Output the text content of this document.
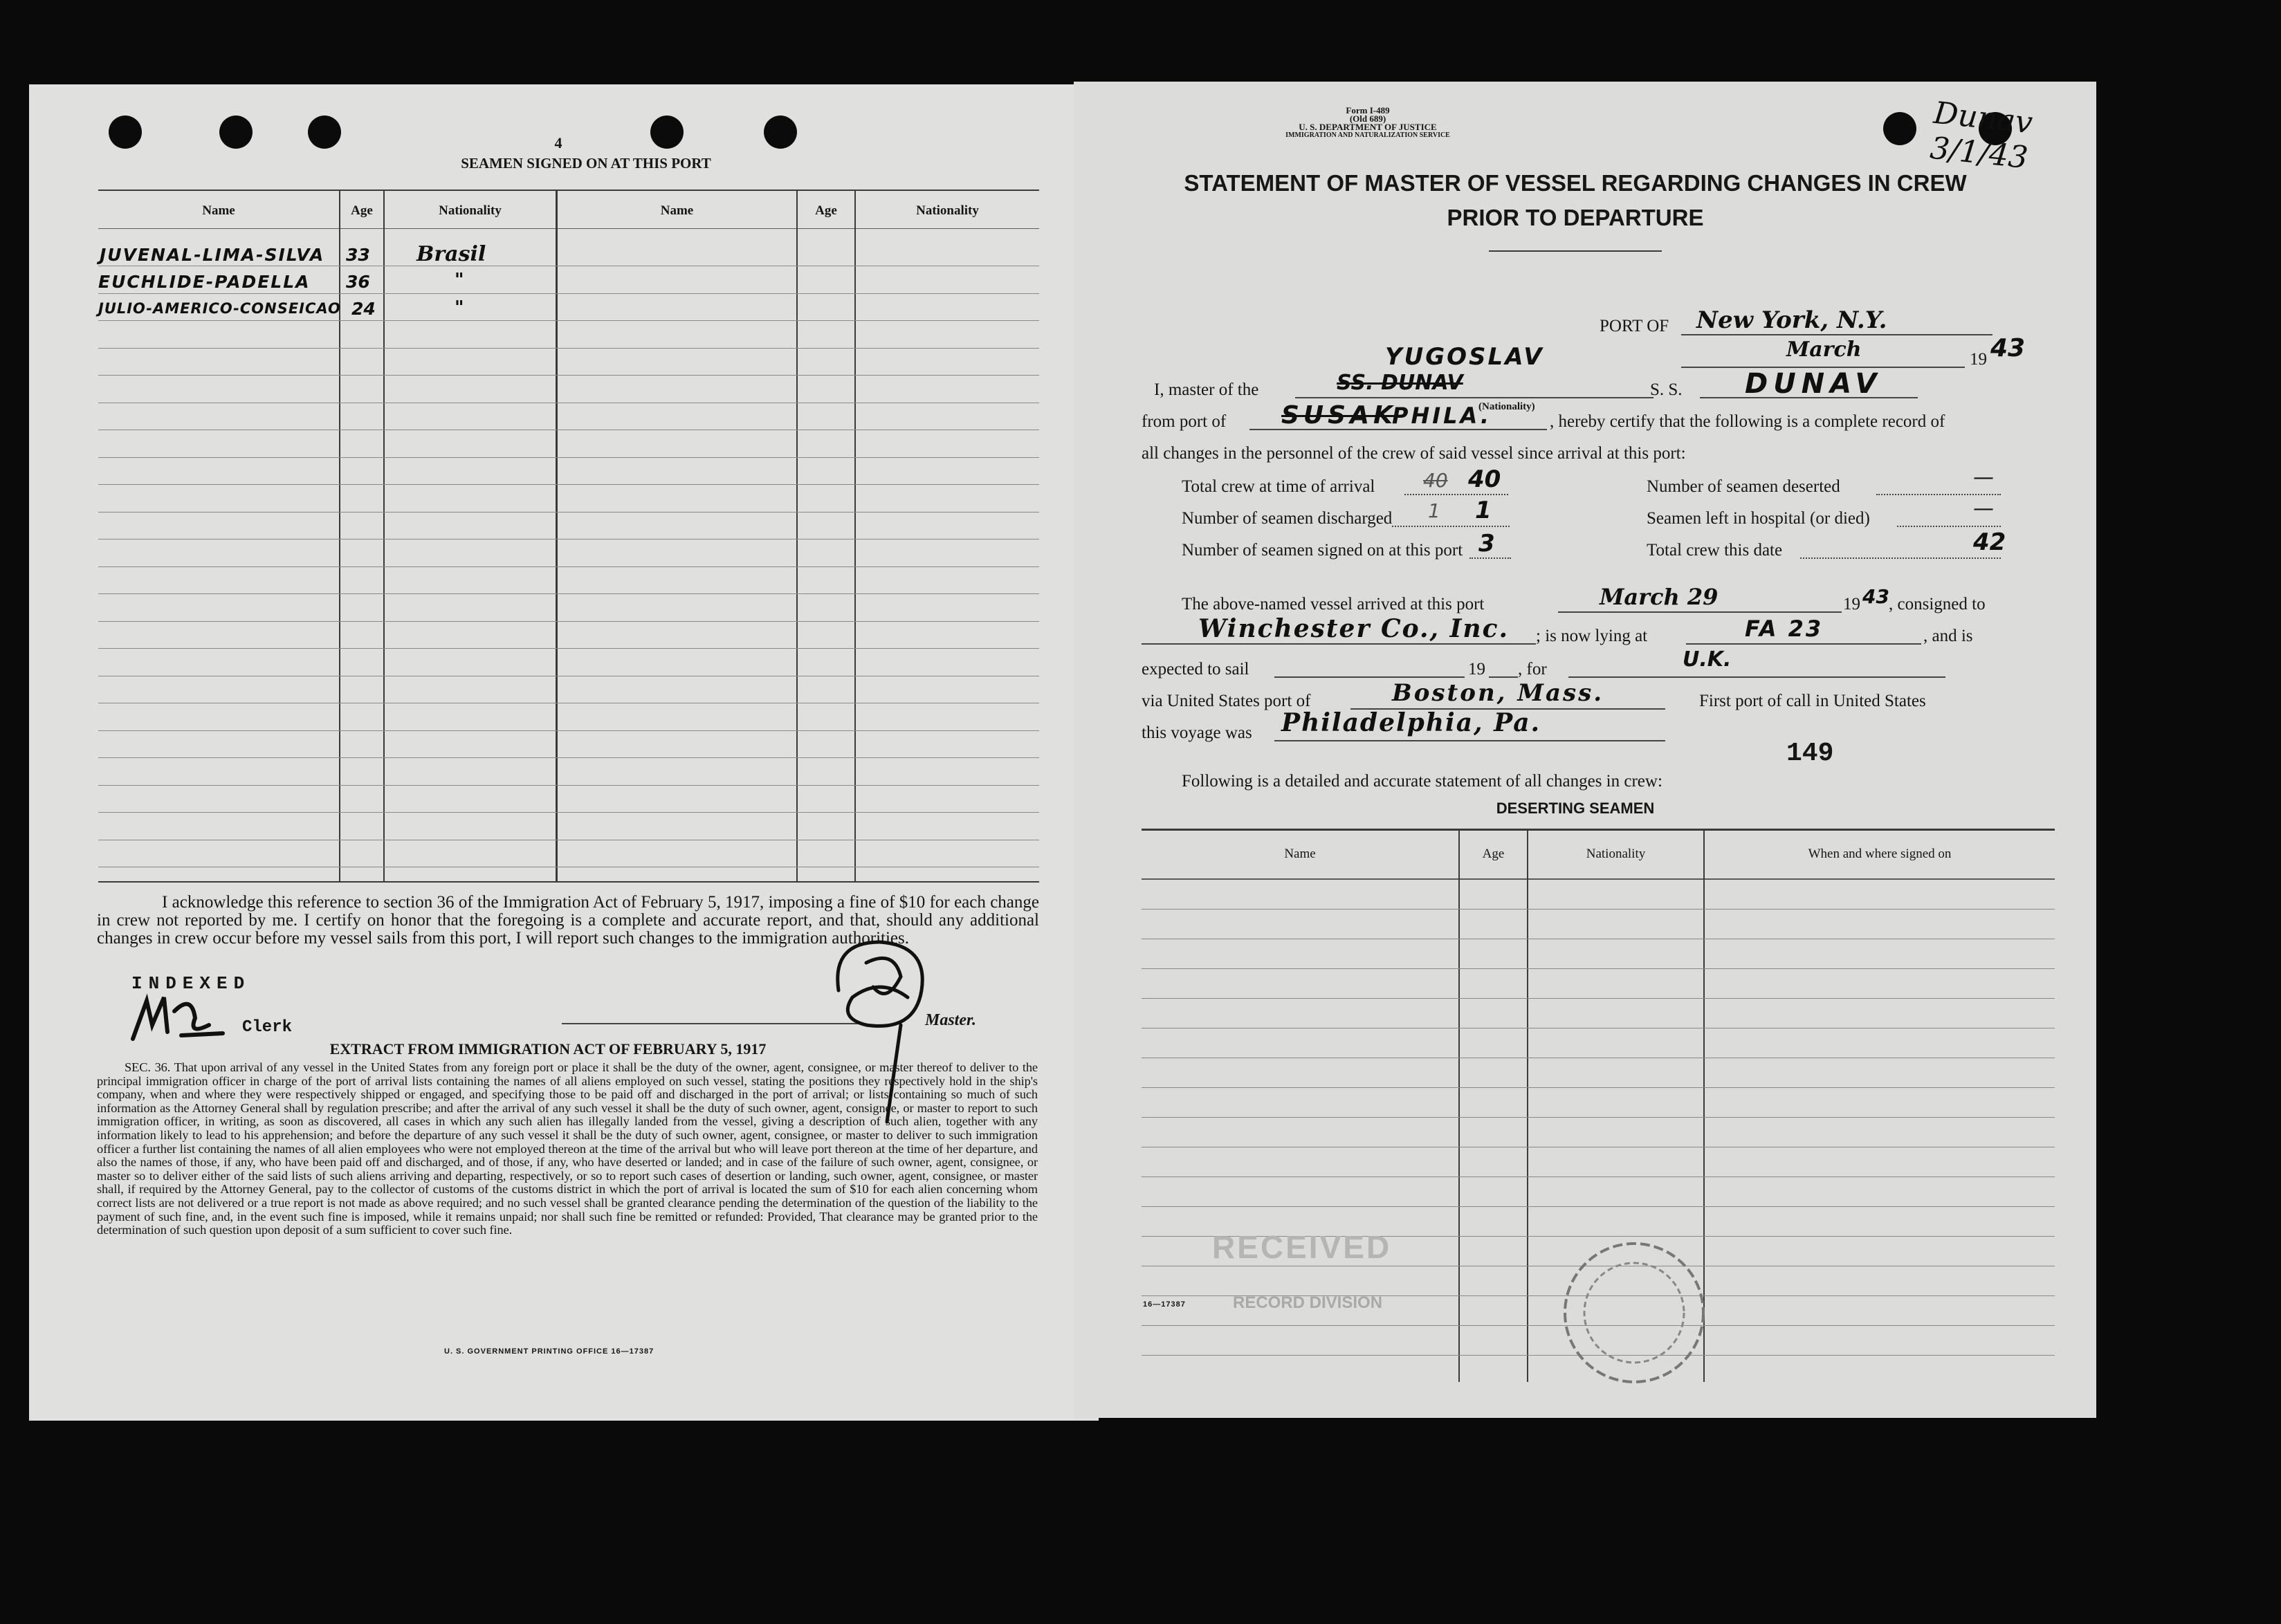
4
SEAMEN SIGNED ON AT THIS PORT
Name	Age	Nationality	Name	Age	Nationality
JUVENAL-LIMA-SILVA 33 Brasil
EUCHLIDE-PADELLA 36	"
JULIO-AMERICO-CONSEICAO 24	"
I acknowledge this reference to section 36 of the Immigration Act of February 5, 1917, imposing a fine of $10 for each change in crew not reported by me. I certify on honor that the foregoing is a complete and accurate report, and that, should any additional changes in crew occur before my vessel sails from this port, I will report such changes to the immigration authorities.
INDEXED
Clerk	Master.
EXTRACT FROM IMMIGRATION ACT OF FEBRUARY 5, 1917
SEC. 36. That upon arrival of any vessel in the United States from any foreign port or place it shall be the duty of the owner, agent, consignee, or master thereof to deliver to the principal immigration officer in charge of the port of arrival lists containing the names of all aliens employed on such vessel, stating the positions they respectively hold in the ship's company, when and where they were respectively shipped or engaged, and specifying those to be paid off and discharged in the port of arrival; or lists containing so much of such information as the Attorney General shall by regulation prescribe; and after the arrival of any such vessel it shall be the duty of such owner, agent, consignee, or master to report to such immigration officer, in writing, as soon as discovered, all cases in which any such alien has illegally landed from the vessel, giving a description of such alien, together with any information likely to lead to his apprehension; and before the departure of any such vessel it shall be the duty of such owner, agent, consignee, or master to deliver to such immigration officer a further list containing the names of all alien employees who were not employed thereon at the time of the arrival but who will leave port thereon at the time of her departure, and also the names of those, if any, who have been paid off and discharged, and of those, if any, who have deserted or landed; and in case of the failure of such owner, agent, consignee, or master so to deliver either of the said lists of such aliens arriving and departing, respectively, or so to report such cases of desertion or landing, such owner, agent, consignee, or master shall, if required by the Attorney General, pay to the collector of customs of the customs district in which the port of arrival is located the sum of $10 for each alien concerning whom correct lists are not delivered or a true report is not made as above required; and no such vessel shall be granted clearance pending the determination of the question of the liability to the payment of such fine, and, in the event such fine is imposed, while it remains unpaid; nor shall such fine be remitted or refunded: Provided, That clearance may be granted prior to the determination of such question upon deposit of a sum sufficient to cover such fine.
U. S. GOVERNMENT PRINTING OFFICE 16—17387
Form I-489
(Old 689)
U. S. DEPARTMENT OF JUSTICE
IMMIGRATION AND NATURALIZATION SERVICE	Dunav 3/1/43
STATEMENT OF MASTER OF VESSEL REGARDING CHANGES IN CREW
PRIOR TO DEPARTURE
PORT OF New York, N.Y.
March	19 43
I, master of the
YUGOSLAV
SS. DUNAV	S. S. DUNAV
from port of SUSAK
PHILA.
(Nationality)
, hereby certify that the following is a complete record of
all changes in the personnel of the crew of said vessel since arrival at this port:
Total crew at time of arrival 40 40	Number of seamen deserted	—
Number of seamen discharged 1 1	Seamen left in hospital (or died)	—
Number of seamen signed on at this port 3	Total crew this date	42
The above-named vessel arrived at this port	March 29	19 43 , consigned to
Winchester Co., Inc. ; is now lying at	FA 23	, and is
expected to sail	19 , for	U.K.
via United States port of	Boston, Mass.	First port of call in United States
this voyage was Philadelphia, Pa.
149
Following is a detailed and accurate statement of all changes in crew:
DESERTING SEAMEN
Name	Age	Nationality	When and where signed on
RECEIVED
RECORD DIVISION
16—17387
